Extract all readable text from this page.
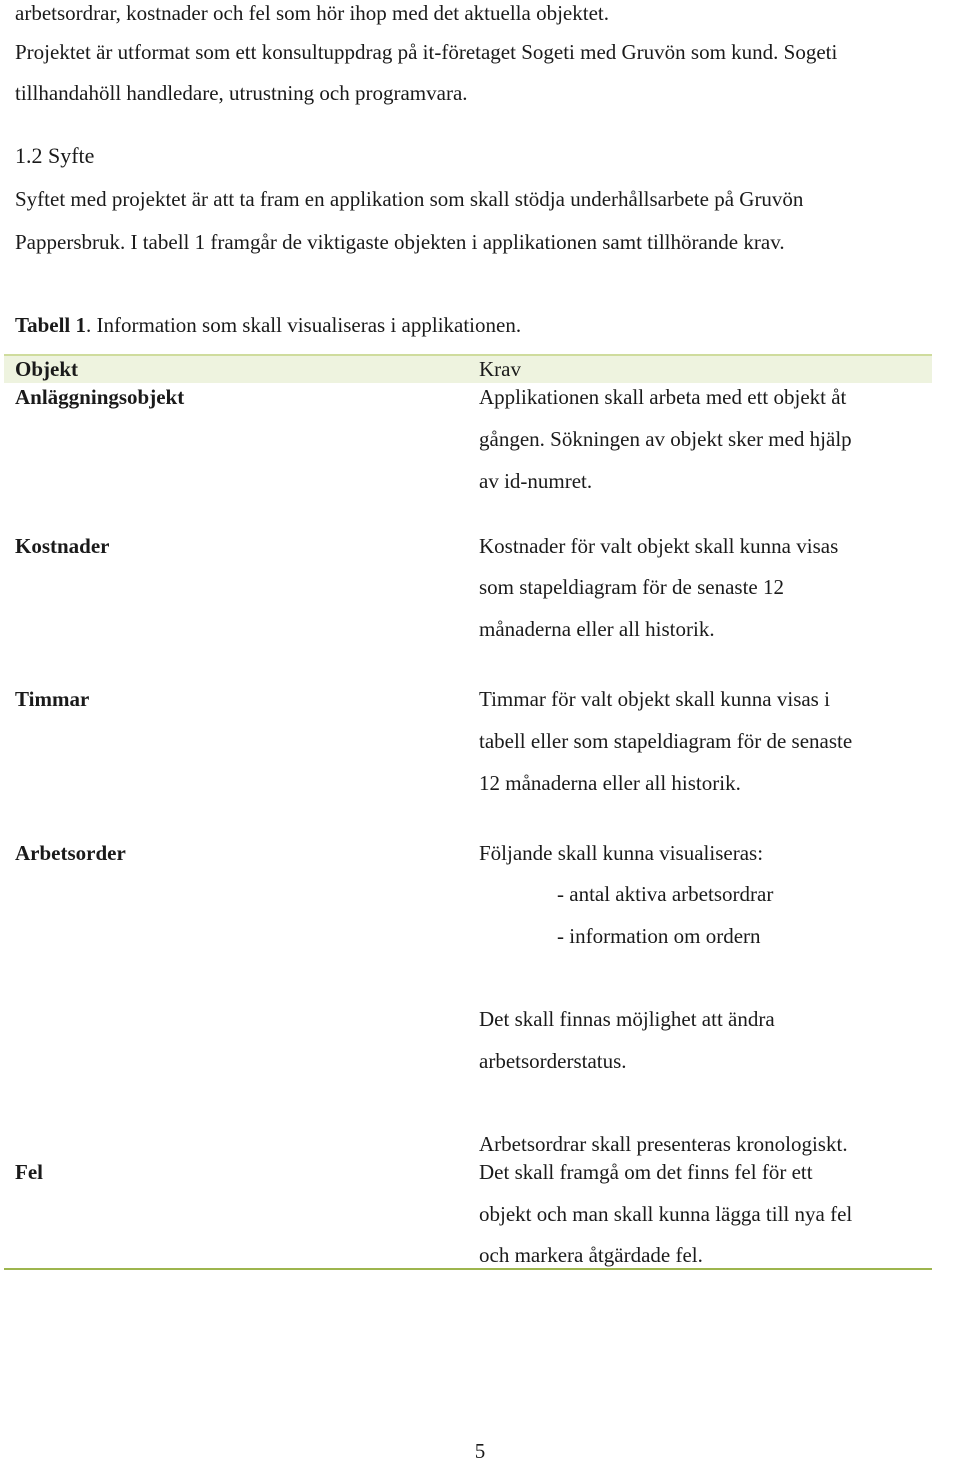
arbetsordrar, kostnader och fel som hör ihop med det aktuella objektet.
Projektet är utformat som ett konsultuppdrag på it-företaget Sogeti med Gruvön som kund. Sogeti
tillhandahöll handledare, utrustning och programvara.
1.2 Syfte
Syftet med projektet är att ta fram en applikation som skall stödja underhållsarbete på Gruvön
Pappersbruk. I tabell 1 framgår de viktigaste objekten i applikationen samt tillhörande krav.
Tabell 1. Information som skall visualiseras i applikationen.
Objekt	Krav
Anläggningsobjekt	Applikationen skall arbeta med ett objekt åt
gången. Sökningen av objekt sker med hjälp
av id-numret.
Kostnader	Kostnader för valt objekt skall kunna visas
som stapeldiagram för de senaste 12
månaderna eller all historik.
Timmar	Timmar för valt objekt skall kunna visas i
tabell eller som stapeldiagram för de senaste
12 månaderna eller all historik.
Arbetsorder	Följande skall kunna visualiseras:
- antal aktiva arbetsordrar
- information om ordern
Det skall finnas möjlighet att ändra
arbetsorderstatus.
Arbetsordrar skall presenteras kronologiskt.
Fel	Det skall framgå om det finns fel för ett
objekt och man skall kunna lägga till nya fel
och markera åtgärdade fel.
5
